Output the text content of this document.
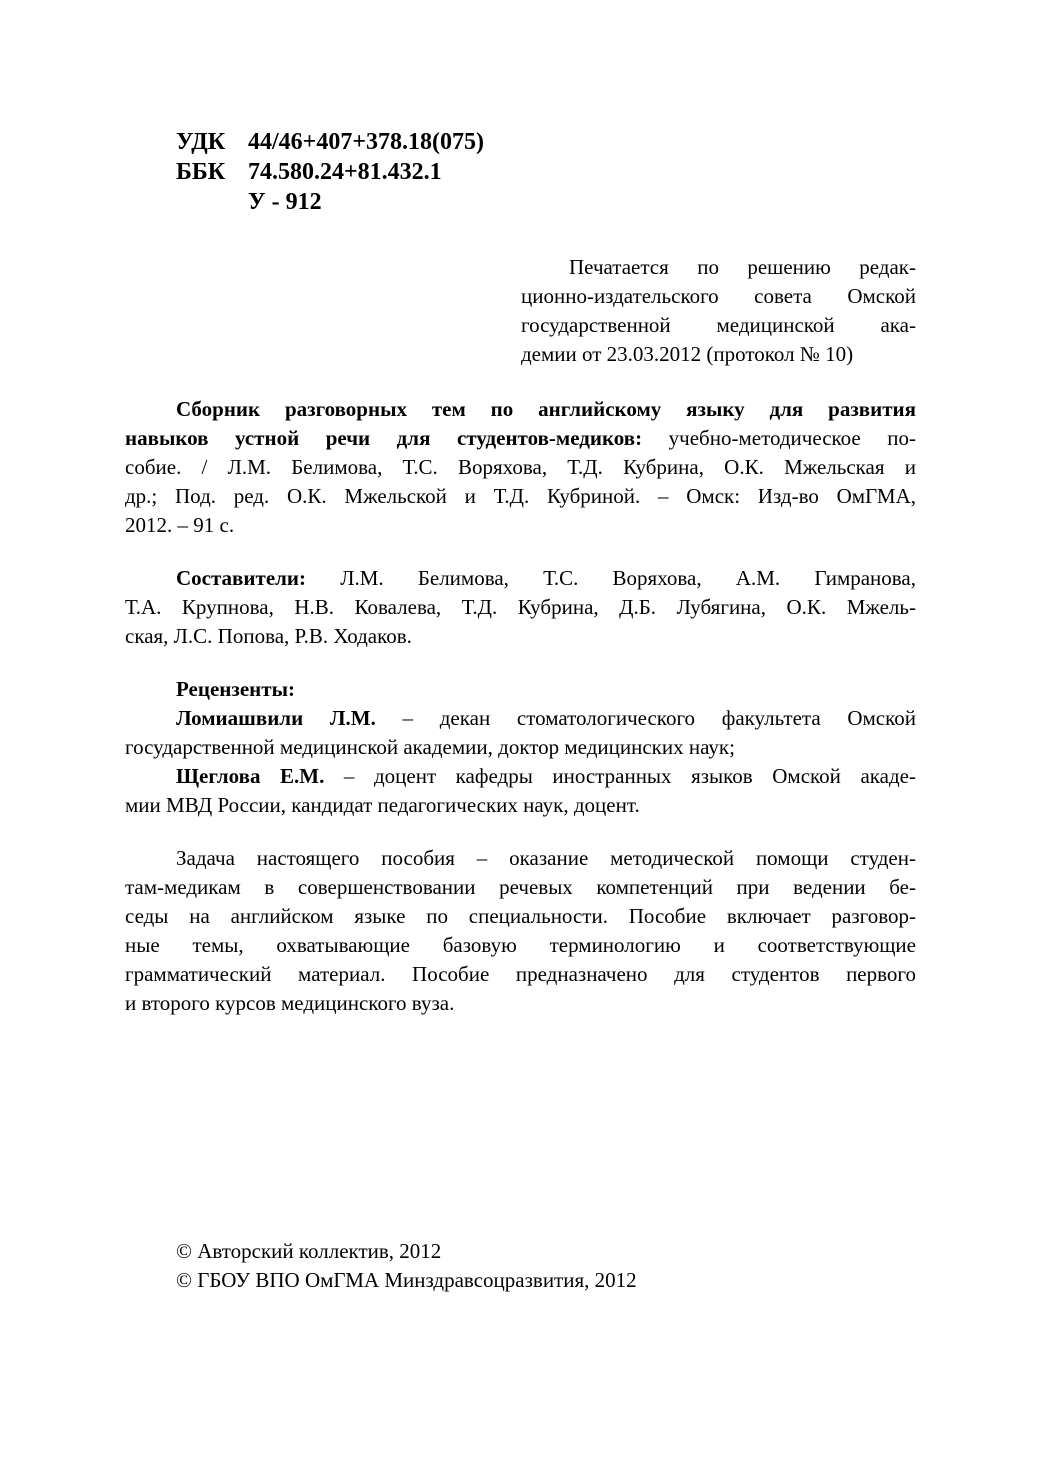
УДК 44/46+407+378.18(075)
ББК 74.580.24+81.432.1
У - 912
Печатается по решению редак-
ционно-издательского совета Омской
государственной медицинской ака-
демии от 23.03.2012 (протокол № 10)
Сборник разговорных тем по английскому языку для развития
навыков устной речи для студентов-медиков: учебно-методическое по-
собие. / Л.М. Белимова, Т.С. Воряхова, Т.Д. Кубрина, О.К. Мжельская и
др.; Под. ред. О.К. Мжельской и Т.Д. Кубриной. – Омск: Изд-во ОмГМА,
2012. – 91 с.
Составители: Л.М. Белимова, Т.С. Воряхова, А.М. Гимранова,
Т.А. Крупнова, Н.В. Ковалева, Т.Д. Кубрина, Д.Б. Лубягина, О.К. Мжель-
ская, Л.С. Попова, Р.В. Ходаков.
Рецензенты:
Ломиашвили Л.М. – декан стоматологического факультета Омской
государственной медицинской академии, доктор медицинских наук;
Щеглова Е.М. – доцент кафедры иностранных языков Омской акаде-
мии МВД России, кандидат педагогических наук, доцент.
Задача настоящего пособия – оказание методической помощи студен-
там-медикам в совершенствовании речевых компетенций при ведении бе-
седы на английском языке по специальности. Пособие включает разговор-
ные темы, охватывающие базовую терминологию и соответствующие
грамматический материал. Пособие предназначено для студентов первого
и второго курсов медицинского вуза.
© Авторский коллектив, 2012
© ГБОУ ВПО ОмГМА Минздравсоцразвития, 2012
